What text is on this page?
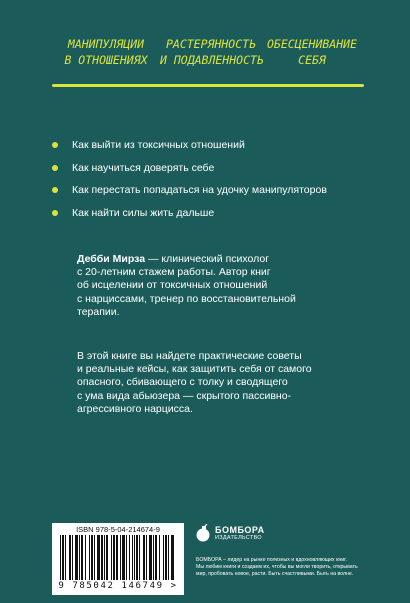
МАНИПУЛЯЦИИ
В ОТНОШЕНИЯХ
РАСТЕРЯННОСТЬ
И ПОДАВЛЕННОСТЬ
ОБЕСЦЕНИВАНИЕ
СЕБЯ
Как выйти из токсичных отношений
Как научиться доверять себе
Как перестать попадаться на удочку манипуляторов
Как найти силы жить дальше

Дебби Мирза — клинический психолог
с 20-летним стажем работы. Автор книг
об исцелении от токсичных отношений
с нарциссами, тренер по восстановительной
терапии.

В этой книге вы найдете практические советы
и реальные кейсы, как защитить себя от самого
опасного, сбивающего с толку и сводящего
с ума вида абьюзера — скрытого пассивно-
агрессивного нарцисса.

ISBN 978-5-04-214674-9
9 785042 146749 >
БОМБОРА
ИЗДАТЕЛЬСТВО

БОМБОРА – лидер на рынке полезных и вдохновляющих книг.
Мы любим книги и создаем их, чтобы вы могли творить, открывать
мир, пробовать новое, расти. Быть счастливыми. Быть на волне.
